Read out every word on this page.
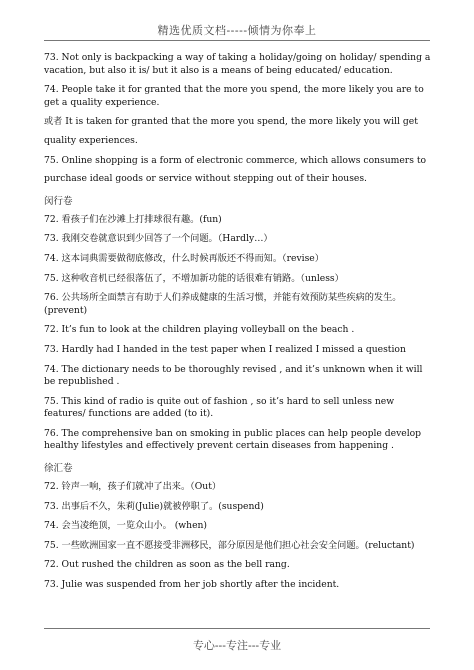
精选优质文档-----倾情为你奉上

73. Not only is backpacking a way of taking a holiday/going on holiday/ spending a vacation, but also it is/ but it also is a means of being educated/ education.

74. People take it for granted that the more you spend, the more likely you are to get a quality experience.

或者 It is taken for granted that the more you spend, the more likely you will get

quality experiences.

75. Online shopping is a form of electronic commerce, which allows consumers to

purchase ideal goods or service without stepping out of their houses.

闵行卷

72. 看孩子们在沙滩上打排球很有趣。(fun)

73. 我刚交卷就意识到少回答了一个问题。（Hardly…）

74. 这本词典需要做彻底修改，什么时候再版还不得而知。（revise）

75. 这种收音机已经很落伍了，不增加新功能的话很难有销路。（unless）

76. 公共场所全面禁言有助于人们养成健康的生活习惯，并能有效预防某些疾病的发生。(prevent)

72. It’s fun to look at the children playing volleyball on the beach .

73. Hardly had I handed in the test paper when I realized I missed a question

74. The dictionary needs to be thoroughly revised , and it’s unknown when it will be republished .

75. This kind of radio is quite out of fashion , so it’s hard to sell unless new features/ functions are added (to it).

76. The comprehensive ban on smoking in public places can help people develop healthy lifestyles and effectively prevent certain diseases from happening .

徐汇卷

72. 铃声一响，孩子们就冲了出来。（Out）

73. 出事后不久，朱莉(Julie)就被停职了。(suspend)

74. 会当凌绝顶，一览众山小。 (when)

75. 一些欧洲国家一直不愿接受非洲移民，部分原因是他们担心社会安全问题。(reluctant)

72. Out rushed the children as soon as the bell rang.

73. Julie was suspended from her job shortly after the incident.

专心---专注---专业
